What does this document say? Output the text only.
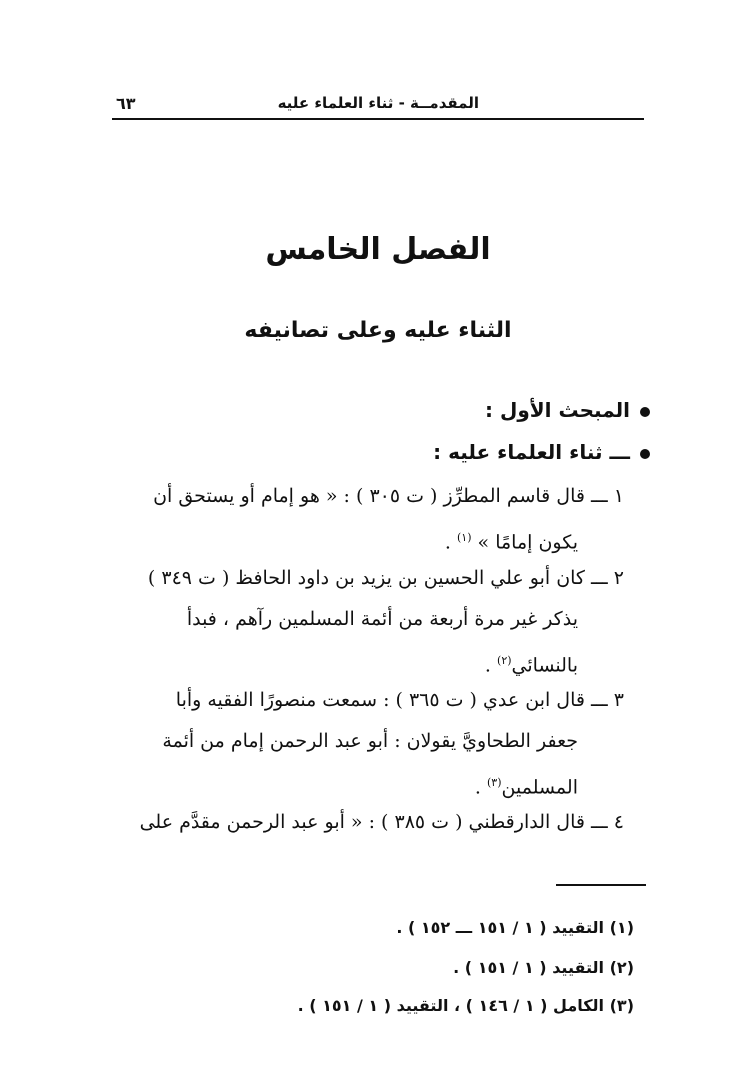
المقدمــة - ثناء العلماء عليه
٦٣
الفصل الخامس
الثناء عليه وعلى تصانيفه
المبحث الأول :
ـــ ثناء العلماء عليه :
١ ـــ قال قاسم المطرِّز ( ت ٣٠٥ ) : « هو إمام أو يستحق أن
يكون إمامًا » $^{(١)}$ .
٢ ـــ كان أبو علي الحسين بن يزيد بن داود الحافظ ( ت ٣٤٩ )
يذكر غير مرة أربعة من أئمة المسلمين رآهم ، فبدأ
بالنسائي$^{(٢)}$ .
٣ ـــ قال ابن عدي ( ت ٣٦٥ ) : سمعت منصورًا الفقيه وأبا
جعفر الطحاويَّ يقولان : أبو عبد الرحمن إمام من أئمة
المسلمين$^{(٣)}$ .
٤ ـــ قال الدارقطني ( ت ٣٨٥ ) : « أبو عبد الرحمن مقدَّم على
(١) التقييد ( ١ / ١٥١ ـــ ١٥٢ ) .
(٢) التقييد ( ١ / ١٥١ ) .
(٣) الكامل ( ١ / ١٤٦ ) ، التقييد ( ١ / ١٥١ ) .
